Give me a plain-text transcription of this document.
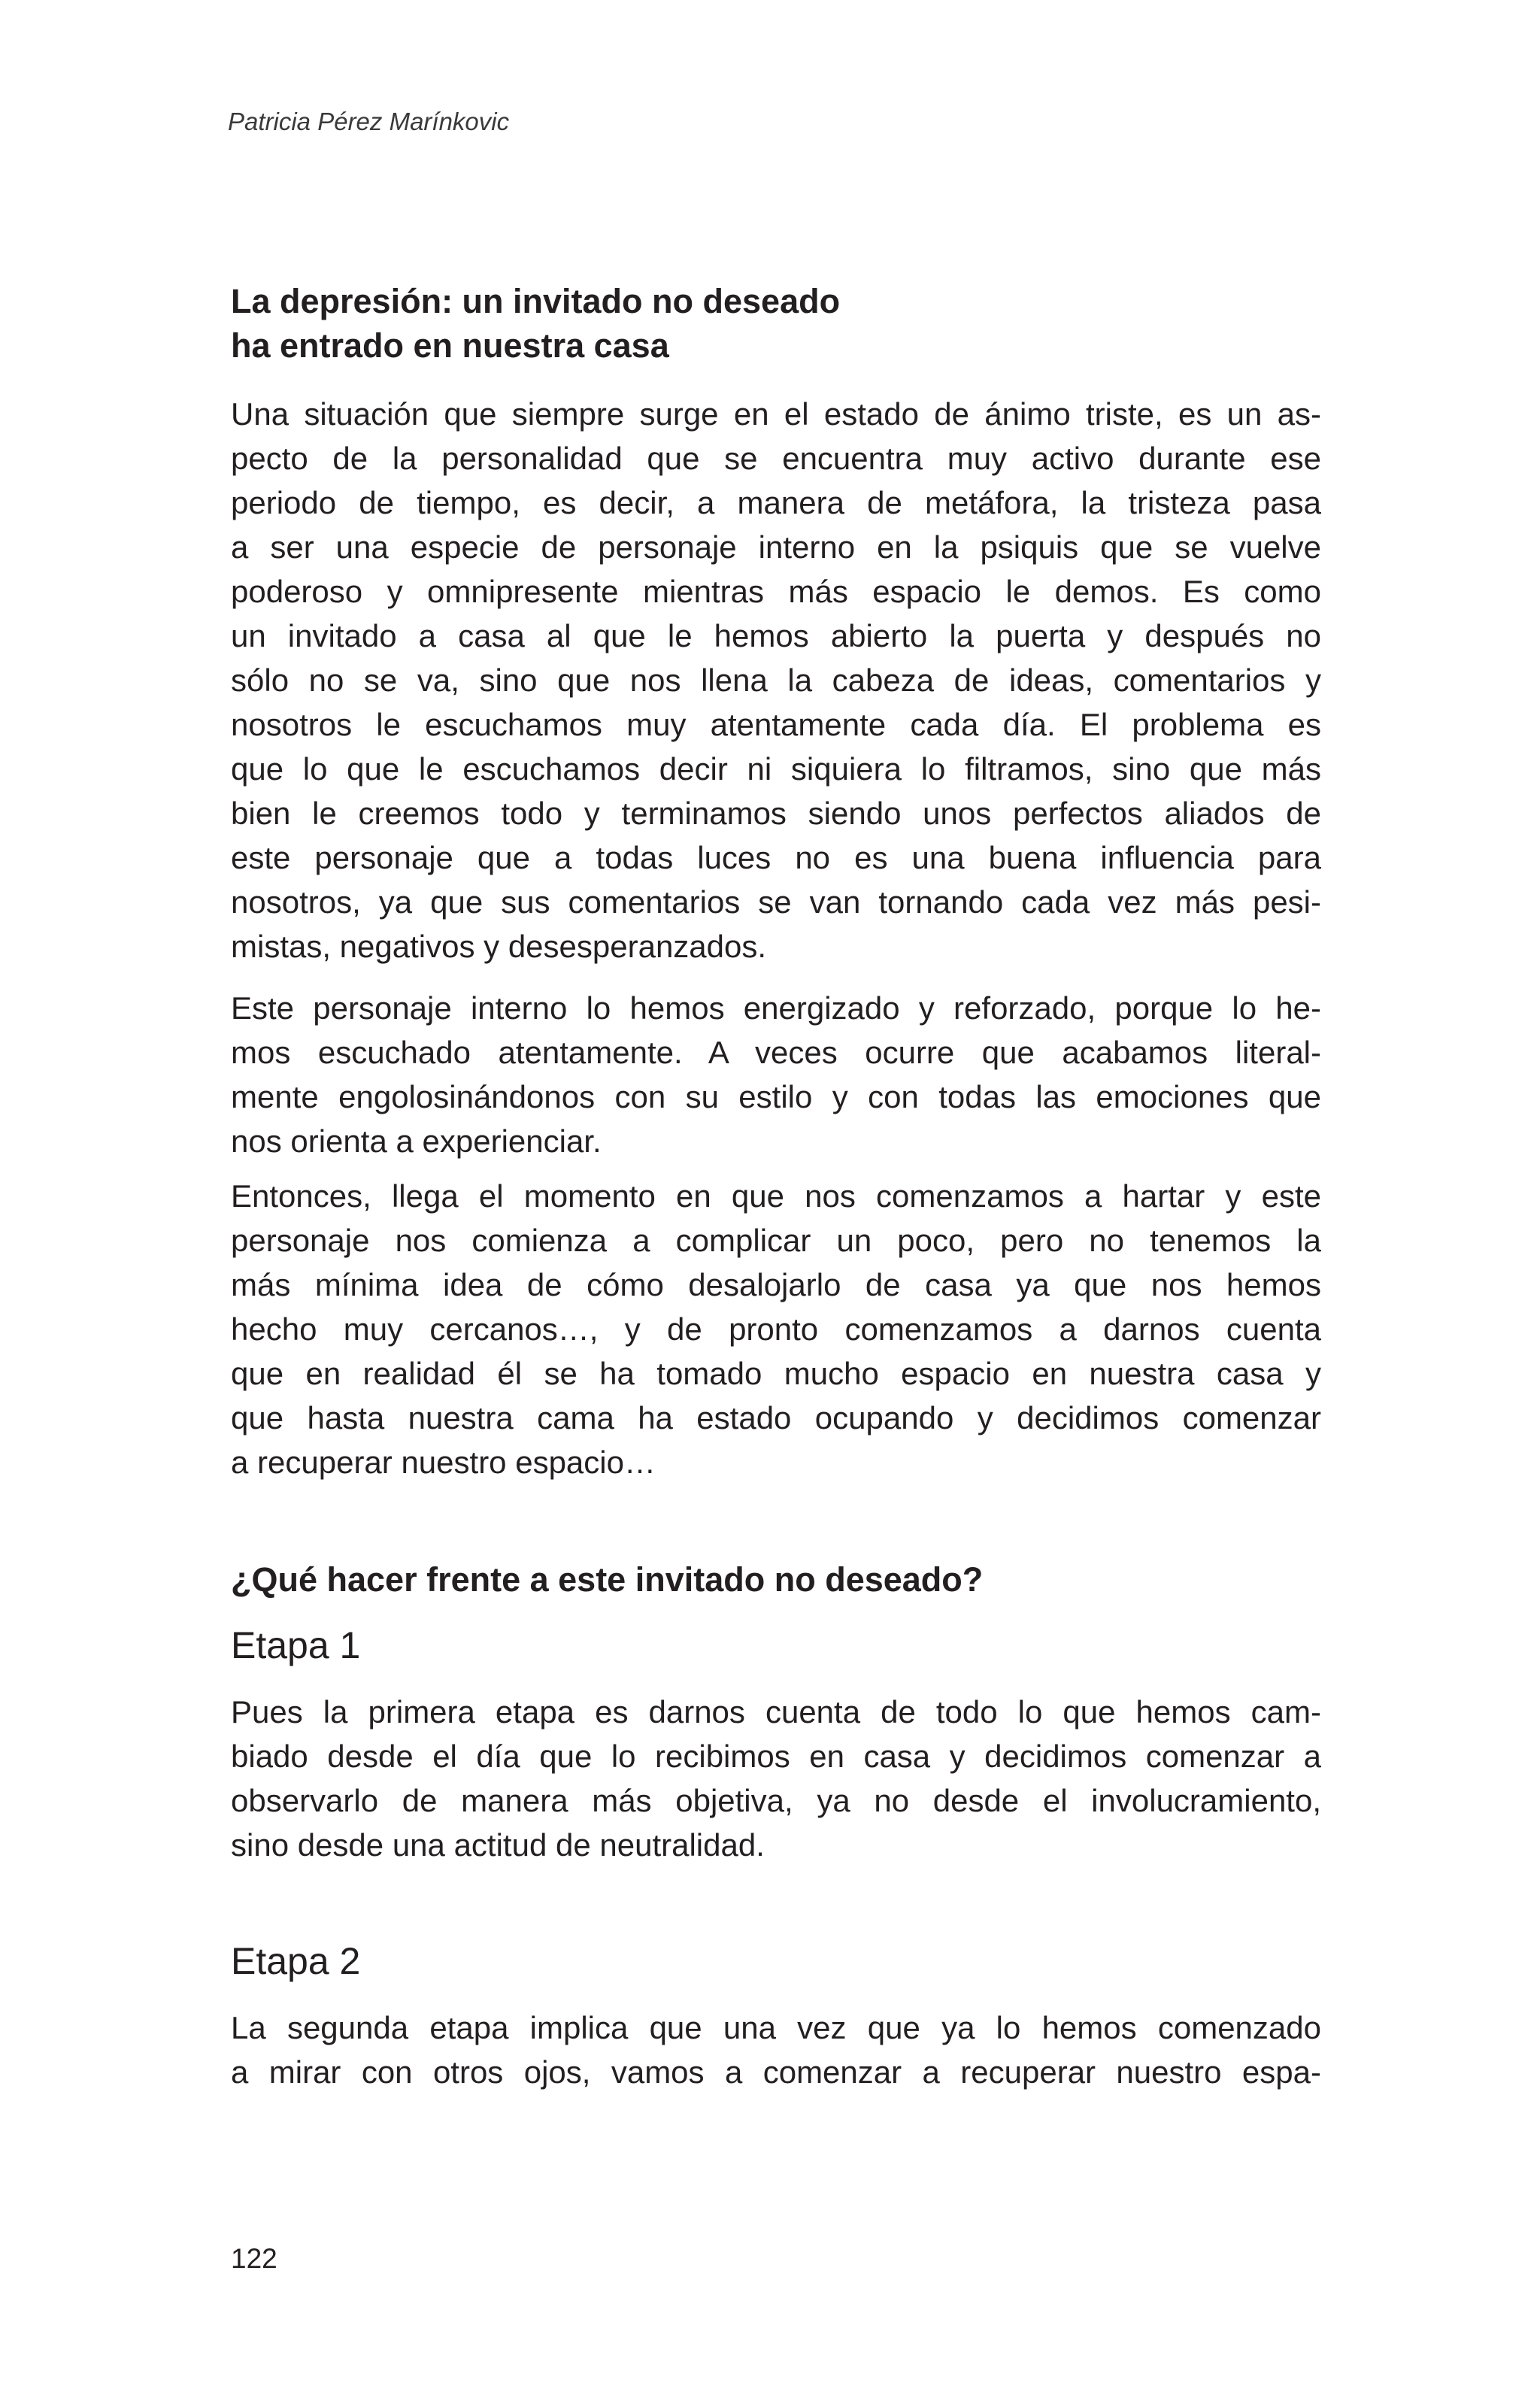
Patricia Pérez Marínkovic
La depresión: un invitado no deseado
ha entrado en nuestra casa
Una situación que siempre surge en el estado de ánimo triste, es un as-
pecto de la personalidad que se encuentra muy activo durante ese
periodo de tiempo, es decir, a manera de metáfora, la tristeza pasa
a ser una especie de personaje interno en la psiquis que se vuelve
poderoso y omnipresente mientras más espacio le demos. Es como
un invitado a casa al que le hemos abierto la puerta y después no
sólo no se va, sino que nos llena la cabeza de ideas, comentarios y
nosotros le escuchamos muy atentamente cada día. El problema es
que lo que le escuchamos decir ni siquiera lo filtramos, sino que más
bien le creemos todo y terminamos siendo unos perfectos aliados de
este personaje que a todas luces no es una buena influencia para
nosotros, ya que sus comentarios se van tornando cada vez más pesi-
mistas, negativos y desesperanzados.
Este personaje interno lo hemos energizado y reforzado, porque lo he-
mos escuchado atentamente. A veces ocurre que acabamos literal-
mente engolosinándonos con su estilo y con todas las emociones que
nos orienta a experienciar.
Entonces, llega el momento en que nos comenzamos a hartar y este
personaje nos comienza a complicar un poco, pero no tenemos la
más mínima idea de cómo desalojarlo de casa ya que nos hemos
hecho muy cercanos…, y de pronto comenzamos a darnos cuenta
que en realidad él se ha tomado mucho espacio en nuestra casa y
que hasta nuestra cama ha estado ocupando y decidimos comenzar
a recuperar nuestro espacio…
¿Qué hacer frente a este invitado no deseado?
Etapa 1
Pues la primera etapa es darnos cuenta de todo lo que hemos cam-
biado desde el día que lo recibimos en casa y decidimos comenzar a
observarlo de manera más objetiva, ya no desde el involucramiento,
sino desde una actitud de neutralidad.
Etapa 2
La segunda etapa implica que una vez que ya lo hemos comenzado
a mirar con otros ojos, vamos a comenzar a recuperar nuestro espa-
122
